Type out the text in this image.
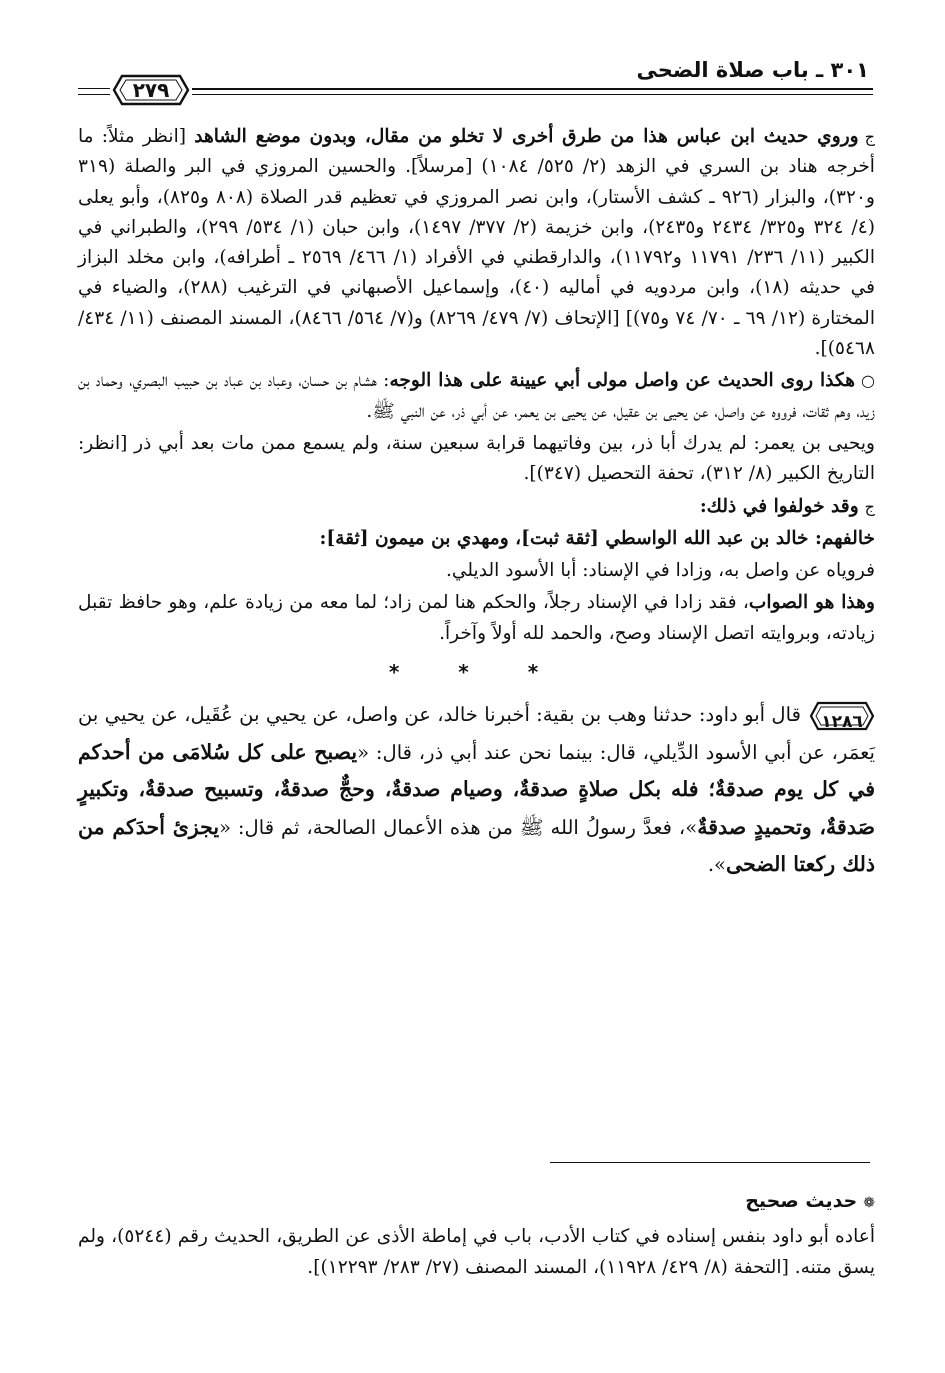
٣٠١ ـ باب صلاة الضحى
٢٧٩

جوروي حديث ابن عباس هذا من طرق أخرى لا تخلو من مقال، وبدون موضع الشاهد [انظر مثلاً: ما أخرجه هناد بن السري في الزهد (٢/ ٥٢٥/ ١٠٨٤) [مرسلاً]. والحسين المروزي في البر والصلة (٣١٩ و٣٢٠)، والبزار (٩٢٦ ـ كشف الأستار)، وابن نصر المروزي في تعظيم قدر الصلاة (٨٠٨ و٨٢٥)، وأبو يعلى (٤/ ٣٢٤ و٣٢٥/ ٢٤٣٤ و٢٤٣٥)، وابن خزيمة (٢/ ٣٧٧/ ١٤٩٧)، وابن حبان (١/ ٥٣٤/ ٢٩٩)، والطبراني في الكبير (١١/ ٢٣٦/ ١١٧٩١ و١١٧٩٢)، والدارقطني في الأفراد (١/ ٤٦٦/ ٢٥٦٩ ـ أطرافه)، وابن مخلد البزاز في حديثه (١٨)، وابن مردويه في أماليه (٤٠)، وإسماعيل الأصبهاني في الترغيب (٢٨٨)، والضياء في المختارة (١٢/ ٦٩ ـ ٧٠/ ٧٤ و٧٥)] [الإتحاف (٧/ ٤٧٩/ ٨٢٦٩) و(٧/ ٥٦٤/ ٨٤٦٦)، المسند المصنف (١١/ ٤٣٤/ ٥٤٦٨)].

○هكذا روى الحديث عن واصل مولى أبي عيينة على هذا الوجه: هشام بن حسان، وعباد بن عباد بن حبيب البصري، وحماد بن زيد، وهم ثقات، فرووه عن واصل، عن يحيى بن عقيل، عن يحيى بن يعمر، عن أبي ذر، عن النبي ﷺ.

ويحيى بن يعمر: لم يدرك أبا ذر، بين وفاتيهما قرابة سبعين سنة، ولم يسمع ممن مات بعد أبي ذر [انظر: التاريخ الكبير (٨/ ٣١٢)، تحفة التحصيل (٣٤٧)].

جوقد خولفوا في ذلك:

خالفهم: خالد بن عبد الله الواسطي [ثقة ثبت]، ومهدي بن ميمون [ثقة]:

فروياه عن واصل به، وزادا في الإسناد: أبا الأسود الديلي.

وهذا هو الصواب، فقد زادا في الإسناد رجلاً، والحكم هنا لمن زاد؛ لما معه من زيادة علم، وهو حافظ تقبل زيادته، وبروايته اتصل الإسناد وصح، والحمد لله أولاً وآخراً.

* * *

١٢٨٦
قال أبو داود: حدثنا وهب بن بقية: أخبرنا خالد، عن واصل، عن يحيي بن عُقَيل، عن يحيي بن يَعمَر، عن أبي الأسود الدِّيلي، قال: بينما نحن عند أبي ذر، قال: «يصبح على كل سُلامَى من أحدكم في كل يوم صدقةٌ؛ فله بكل صلاةٍ صدقةٌ، وصيام صدقةٌ، وحجٌّ صدقةٌ، وتسبيح صدقةٌ، وتكبيرٍ صَدقةٌ، وتحميدٍ صدقةٌ»، فعدَّ رسولُ الله ﷺ من هذه الأعمال الصالحة، ثم قال: «يجزئ أحدَكم من ذلك ركعتا الضحى».

❁حديث صحيح

أعاده أبو داود بنفس إسناده في كتاب الأدب، باب في إماطة الأذى عن الطريق، الحديث رقم (٥٢٤٤)، ولم يسق متنه. [التحفة (٨/ ٤٢٩/ ١١٩٢٨)، المسند المصنف (٢٧/ ٢٨٣/ ١٢٢٩٣)].
